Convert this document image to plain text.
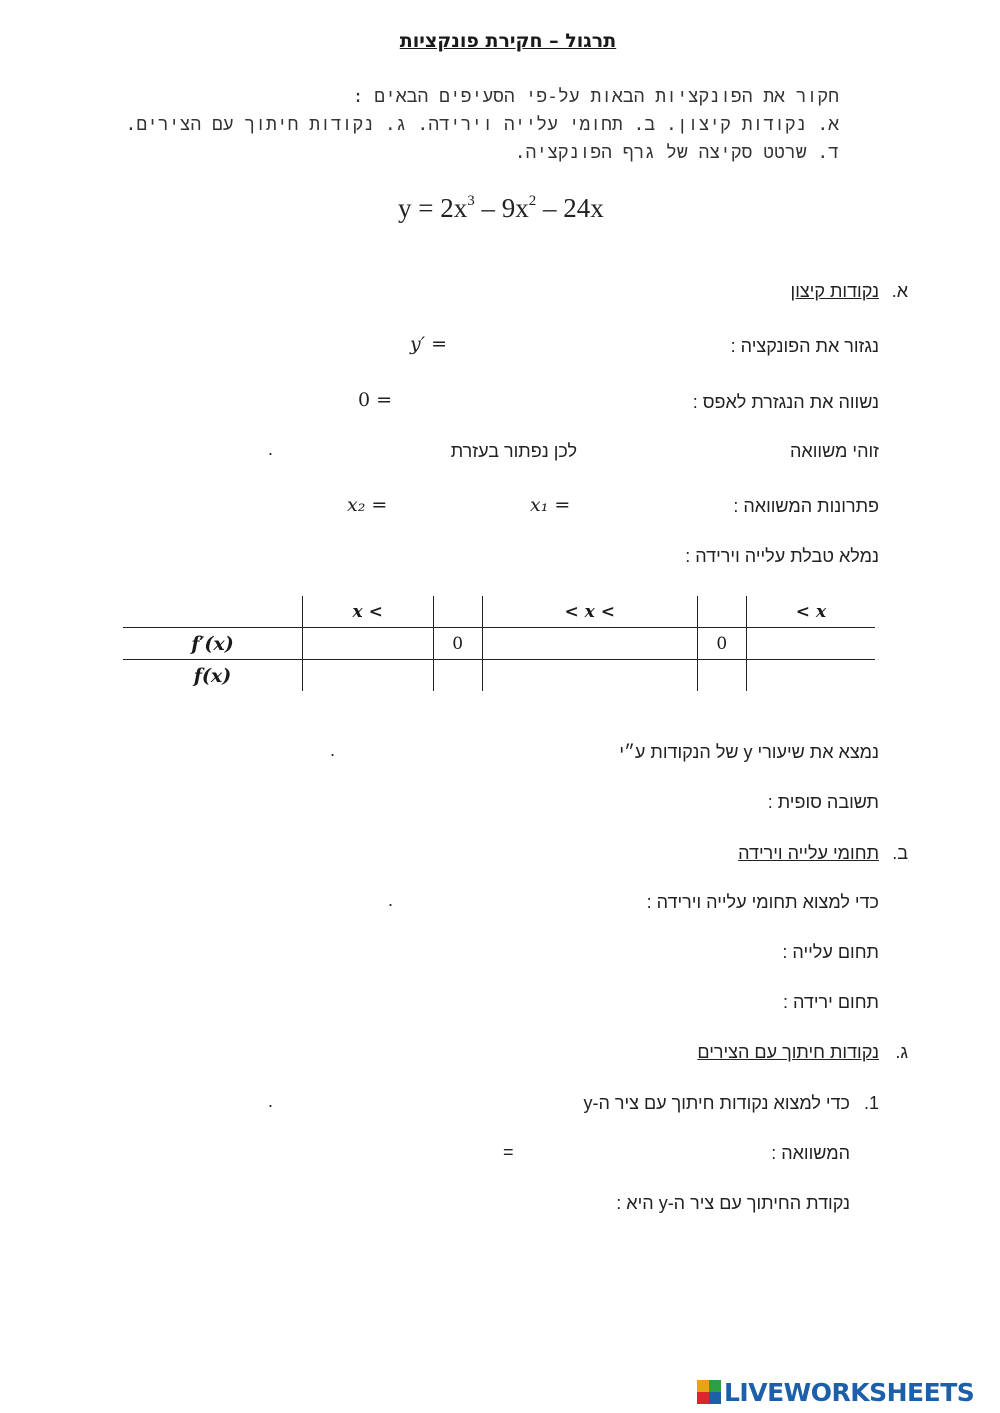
תרגול – חקירת פונקציות
חקור את הפונקציות הבאות על-פי הסעיפים הבאים :
א. נקודות קיצון. ב. תחומי עלייה וירידה. ג. נקודות חיתוך עם הצירים.
ד. שרטט סקיצה של גרף הפונקציה.
$y = 2x^3 - 9x^2 - 24x$
א.
נקודות קיצון
נגזור את הפונקציה :
y′ =
נשווה את הנגזרת לאפס :
0 =
זוהי משוואה
לכן נפתור בעזרת
.
פתרונות המשוואה :
x₁ =
x₂ =
נמלא טבלת עלייה וירידה :
	x <		< x <		< x
f′(x)		0		0	
f(x)					
נמצא את שיעורי y של הנקודות ע״י
.
תשובה סופית :
ב.
תחומי עלייה וירידה
כדי למצוא תחומי עלייה וירידה :
.
תחום עלייה :
תחום ירידה :
ג.
נקודות חיתוך עם הצירים
1.
כדי למצוא נקודות חיתוך עם ציר ה-y
.
המשוואה :
=
נקודת החיתוך עם ציר ה-y היא :
LIVEWORKSHEETS
